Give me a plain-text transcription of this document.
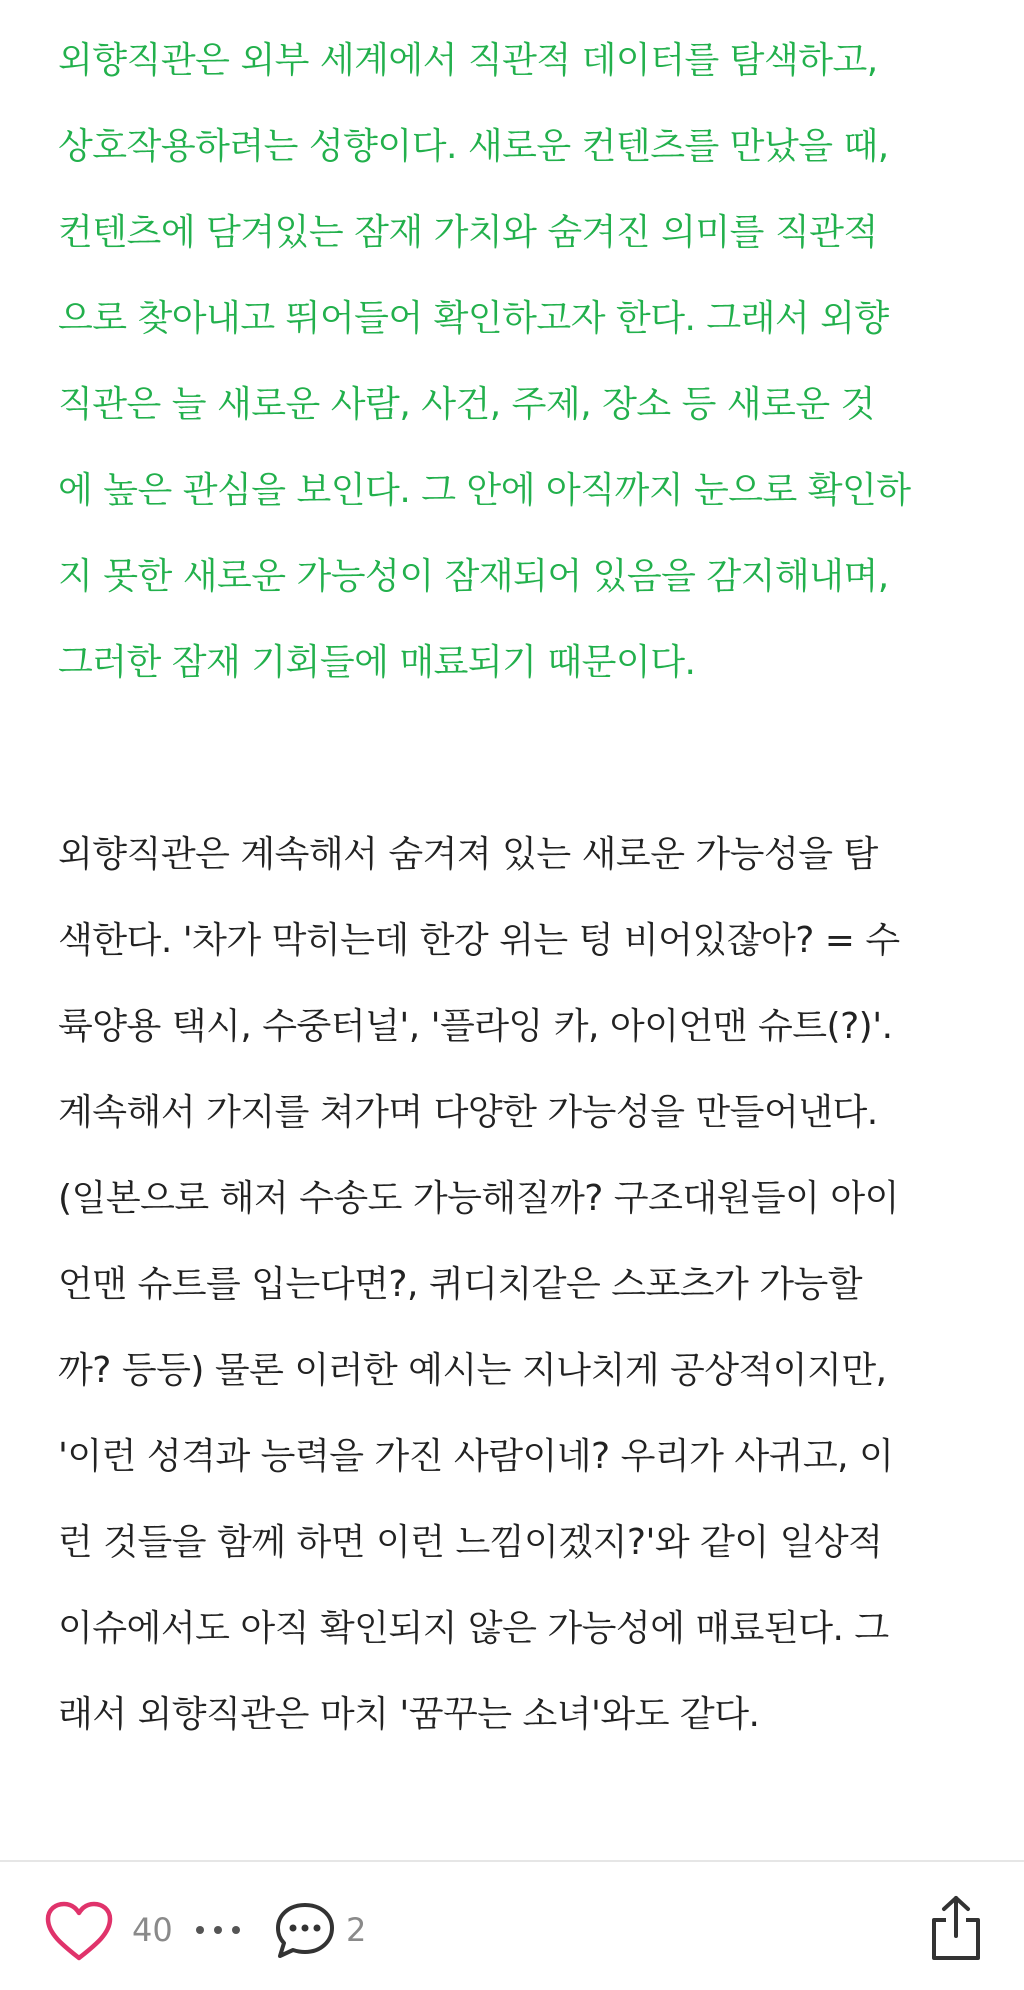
외향직관은 외부 세계에서 직관적 데이터를 탐색하고,
상호작용하려는 성향이다. 새로운 컨텐츠를 만났을 때,
컨텐츠에 담겨있는 잠재 가치와 숨겨진 의미를 직관적
으로 찾아내고 뛰어들어 확인하고자 한다. 그래서 외향
직관은 늘 새로운 사람, 사건, 주제, 장소 등 새로운 것
에 높은 관심을 보인다. 그 안에 아직까지 눈으로 확인하
지 못한 새로운 가능성이 잠재되어 있음을 감지해내며,
그러한 잠재 기회들에 매료되기 때문이다.

외향직관은 계속해서 숨겨져 있는 새로운 가능성을 탐
색한다. '차가 막히는데 한강 위는 텅 비어있잖아? = 수
륙양용 택시, 수중터널', '플라잉 카, 아이언맨 슈트(?)'.
계속해서 가지를 쳐가며 다양한 가능성을 만들어낸다.
(일본으로 해저 수송도 가능해질까? 구조대원들이 아이
언맨 슈트를 입는다면?, 퀴디치같은 스포츠가 가능할
까? 등등) 물론 이러한 예시는 지나치게 공상적이지만,
'이런 성격과 능력을 가진 사람이네? 우리가 사귀고, 이
런 것들을 함께 하면 이런 느낌이겠지?'와 같이 일상적
이슈에서도 아직 확인되지 않은 가능성에 매료된다. 그
래서 외향직관은 마치 '꿈꾸는 소녀'와도 같다.

40	2
